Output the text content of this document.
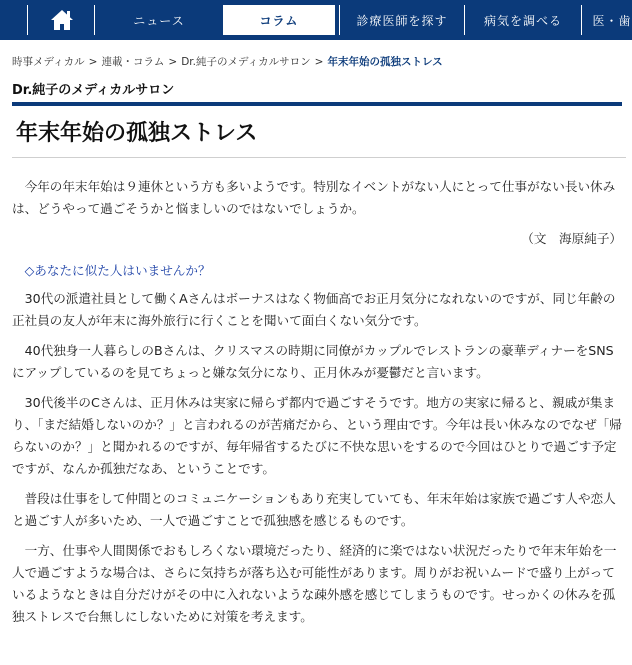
ニュース	コラム	診療医師を探す	病気を調べる	医・歯
時事メディカル > 連載・コラム > Dr.純子のメディカルサロン > 年末年始の孤独ストレス
Dr.純子のメディカルサロン
年末年始の孤独ストレス

今年の年末年始は９連休という方も多いようです。特別なイベントがない人にとって仕事がない長い休みは、どうやって過ごそうかと悩ましいのではないでしょうか。

（文　海原純子）

◇あなたに似た人はいませんか？

30代の派遣社員として働くAさんはボーナスはなく物価高でお正月気分になれないのですが、同じ年齢の正社員の友人が年末に海外旅行に行くことを聞いて面白くない気分です。

40代独身一人暮らしのBさんは、クリスマスの時期に同僚がカップルでレストランの豪華ディナーをSNSにアップしているのを見てちょっと嫌な気分になり、正月休みが憂鬱だと言います。

30代後半のCさんは、正月休みは実家に帰らず都内で過ごすそうです。地方の実家に帰ると、親戚が集まり、「まだ結婚しないのか？」と言われるのが苦痛だから、という理由です。今年は長い休みなのでなぜ「帰らないのか？」と聞かれるのですが、毎年帰省するたびに不快な思いをするので今回はひとりで過ごす予定ですが、なんか孤独だなあ、ということです。

普段は仕事をして仲間とのコミュニケーションもあり充実していても、年末年始は家族で過ごす人や恋人と過ごす人が多いため、一人で過ごすことで孤独感を感じるものです。

一方、仕事や人間関係でおもしろくない環境だったり、経済的に楽ではない状況だったりで年末年始を一人で過ごすような場合は、さらに気持ちが落ち込む可能性があります。周りがお祝いムードで盛り上がっているようなときは自分だけがその中に入れないような疎外感を感じてしまうものです。せっかくの休みを孤独ストレスで台無しにしないために対策を考えます。
